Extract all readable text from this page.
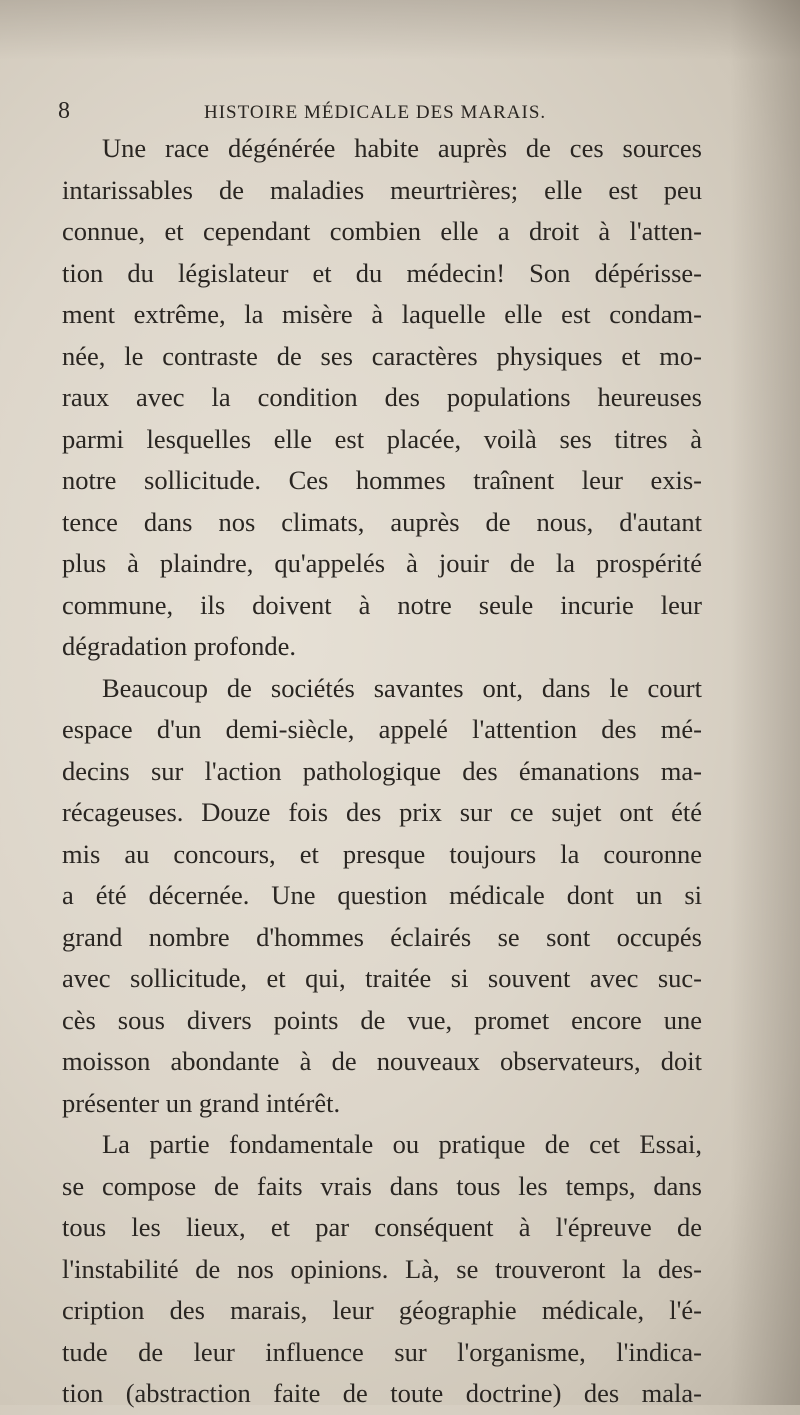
8	HISTOIRE MÉDICALE DES MARAIS.
Une race dégénérée habite auprès de ces sources
intarissables de maladies meurtrières; elle est peu
connue, et cependant combien elle a droit à l'atten-
tion du législateur et du médecin! Son dépérisse-
ment extrême, la misère à laquelle elle est condam-
née, le contraste de ses caractères physiques et mo-
raux avec la condition des populations heureuses
parmi lesquelles elle est placée, voilà ses titres à
notre sollicitude. Ces hommes traînent leur exis-
tence dans nos climats, auprès de nous, d'autant
plus à plaindre, qu'appelés à jouir de la prospérité
commune, ils doivent à notre seule incurie leur
dégradation profonde.
Beaucoup de sociétés savantes ont, dans le court
espace d'un demi-siècle, appelé l'attention des mé-
decins sur l'action pathologique des émanations ma-
récageuses. Douze fois des prix sur ce sujet ont été
mis au concours, et presque toujours la couronne
a été décernée. Une question médicale dont un si
grand nombre d'hommes éclairés se sont occupés
avec sollicitude, et qui, traitée si souvent avec suc-
cès sous divers points de vue, promet encore une
moisson abondante à de nouveaux observateurs, doit
présenter un grand intérêt.
La partie fondamentale ou pratique de cet Essai,
se compose de faits vrais dans tous les temps, dans
tous les lieux, et par conséquent à l'épreuve de
l'instabilité de nos opinions. Là, se trouveront la des-
cription des marais, leur géographie médicale, l'é-
tude de leur influence sur l'organisme, l'indica-
tion (abstraction faite de toute doctrine) des mala-
